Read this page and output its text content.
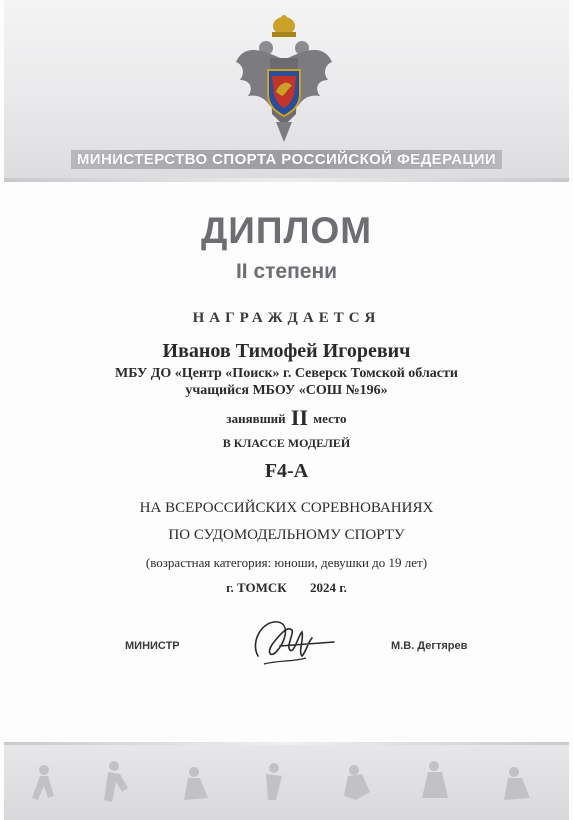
МИНИСТЕРСТВО СПОРТА РОССИЙСКОЙ ФЕДЕРАЦИИ
ДИПЛОМ
II степени
НАГРАЖДАЕТСЯ
Иванов Тимофей Игоревич
МБУ ДО «Центр «Поиск» г. Северск Томской области
учащийся МБОУ «СОШ №196»
занявший II место
В КЛАССЕ МОДЕЛЕЙ
F4-A
НА ВСЕРОССИЙСКИХ СОРЕВНОВАНИЯХ
ПО СУДОМОДЕЛЬНОМУ СПОРТУ
(возрастная категория: юноши, девушки до 19 лет)
г. ТОМСК 2024 г.
МИНИСТР	М.В. Дегтярев
